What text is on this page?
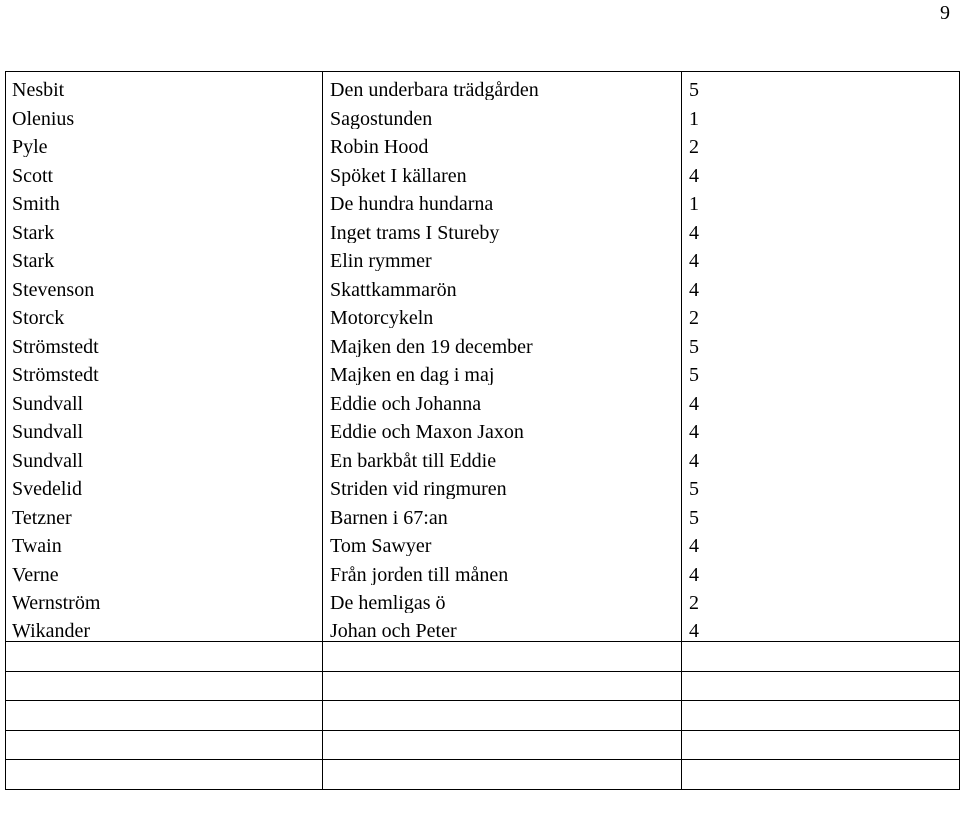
9
Nesbit	Den underbara trädgården	5
Olenius	Sagostunden	1
Pyle	Robin Hood	2
Scott	Spöket I källaren	4
Smith	De hundra hundarna	1
Stark	Inget trams I Stureby	4
Stark	Elin rymmer	4
Stevenson	Skattkammarön	4
Storck	Motorcykeln	2
Strömstedt	Majken den 19 december	5
Strömstedt	Majken en dag i maj	5
Sundvall	Eddie och Johanna	4
Sundvall	Eddie och Maxon Jaxon	4
Sundvall	En barkbåt till Eddie	4
Svedelid	Striden vid ringmuren	5
Tetzner	Barnen i 67:an	5
Twain	Tom Sawyer	4
Verne	Från jorden till månen	4
Wernström	De hemligas ö	2
Wikander	Johan och Peter	4
